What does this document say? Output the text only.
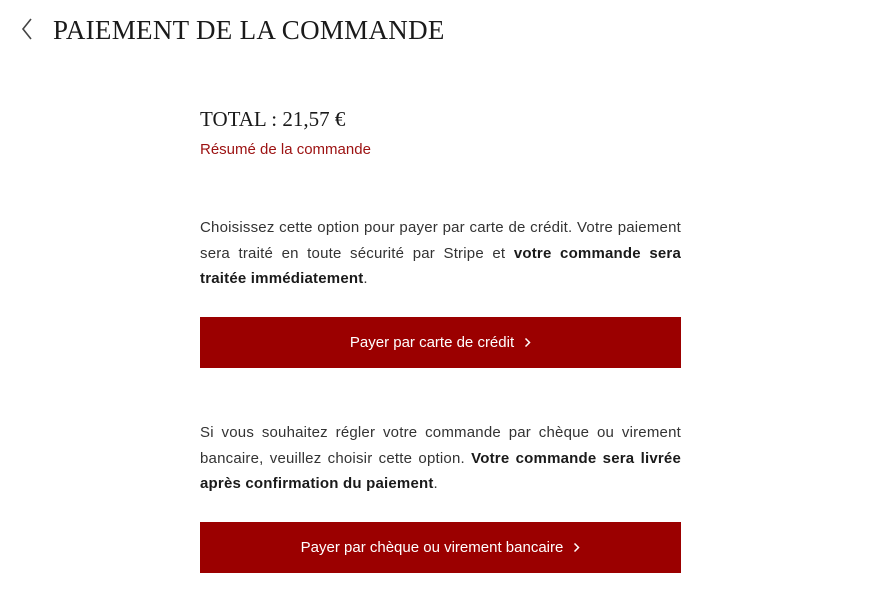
PAIEMENT DE LA COMMANDE
TOTAL : 21,57 €
Résumé de la commande

Choisissez cette option pour payer par carte de crédit. Votre paiement sera traité en toute sécurité par Stripe et votre commande sera traitée immédiatement.

Payer par carte de crédit

Si vous souhaitez régler votre commande par chèque ou virement bancaire, veuillez choisir cette option. Votre commande sera livrée après confirmation du paiement.

Payer par chèque ou virement bancaire
